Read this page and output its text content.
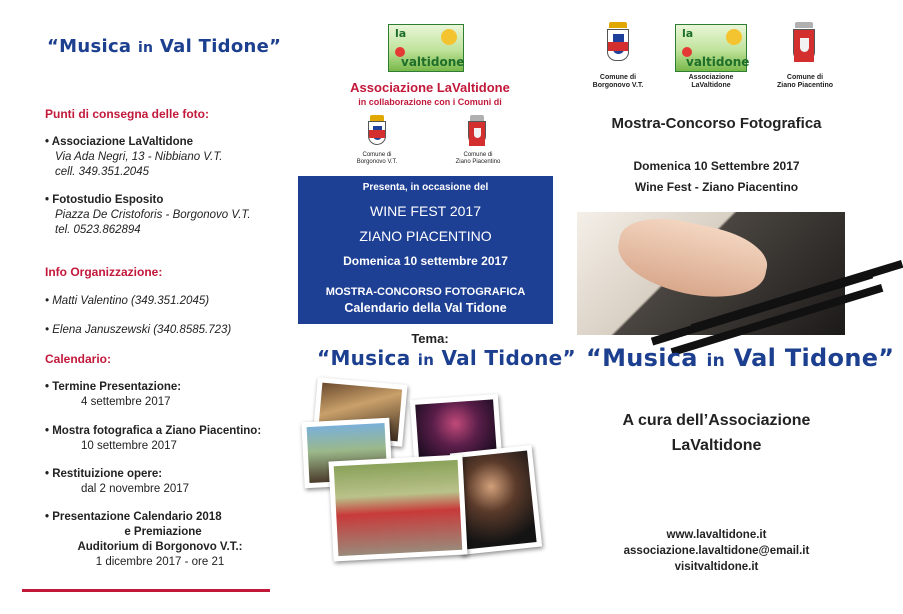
“Musica in Val Tidone”
Punti di consegna delle foto:
• Associazione LaValtidone
Via Ada Negri, 13 - Nibbiano V.T.
cell. 349.351.2045
• Fotostudio Esposito
Piazza De Cristoforis - Borgonovo V.T.
tel. 0523.862894
Info Organizzazione:
• Matti Valentino (349.351.2045)
• Elena Januszewski (340.8585.723)
Calendario:
• Termine Presentazione:
4 settembre 2017
• Mostra fotografica a Ziano Piacentino:
10 settembre 2017
• Restituizione opere:
dal 2 novembre 2017
• Presentazione Calendario 2018
e Premiazione
Auditorium di Borgonovo V.T.:
1 dicembre 2017 - ore 21
la
valtidone
Associazione LaValtidone
in collaborazione con i Comuni di
Comune di
Borgonovo V.T.
Comune di
Ziano Piacentino
Presenta, in occasione del
WINE FEST 2017
ZIANO PIACENTINO
Domenica 10 settembre 2017
MOSTRA-CONCORSO FOTOGRAFICA
Calendario della Val Tidone
Tema:
“Musica in Val Tidone”
Comune di
Borgonovo V.T.
la
valtidone
Associazione
LaValtidone
Comune di
Ziano Piacentino
Mostra-Concorso Fotografica
Domenica 10 Settembre 2017
Wine Fest - Ziano Piacentino
“Musica in Val Tidone”
A cura dell’Associazione
LaValtidone
www.lavaltidone.it
associazione.lavaltidone@email.it
visitvaltidone.it
